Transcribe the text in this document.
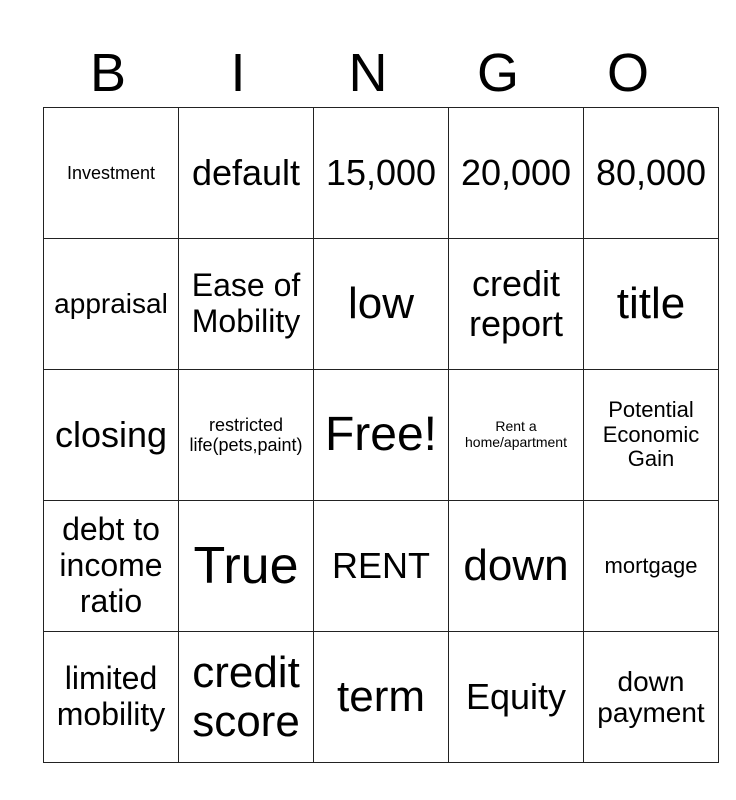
B	I	N	G	O
Investment	default	15,000	20,000	80,000
appraisal	Ease of Mobility	low	credit report	title
closing	restricted life(pets,paint)	Free!	Rent a home/apartment	Potential Economic Gain
debt to income ratio	True	RENT	down	mortgage
limited mobility	credit score	term	Equity	down payment
